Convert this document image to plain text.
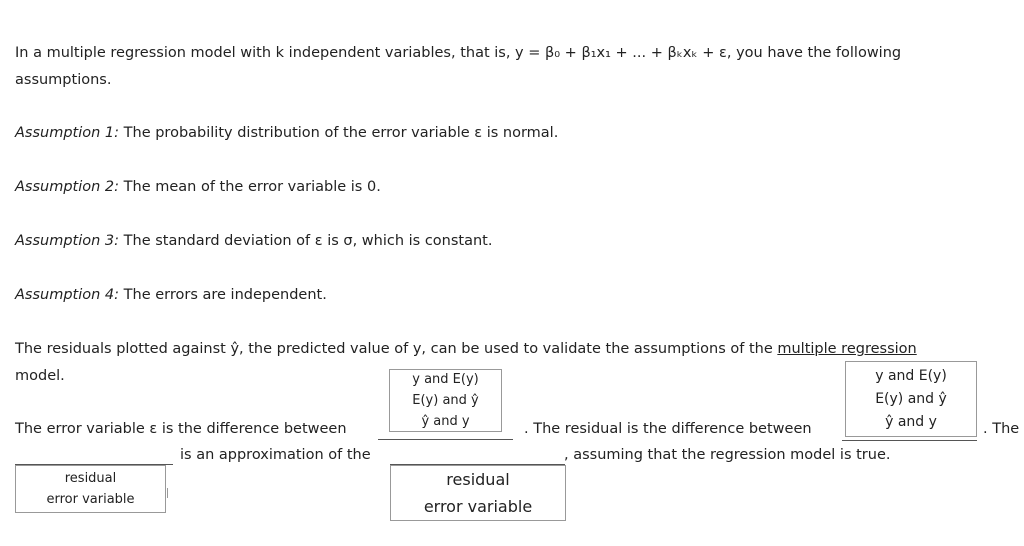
In a multiple regression model with k independent variables, that is, y = β₀ + β₁x₁ + ... + βₖxₖ + ε, you have the following
assumptions.
Assumption 1: The probability distribution of the error variable ε is normal.
Assumption 2: The mean of the error variable is 0.
Assumption 3: The standard deviation of ε is σ, which is constant.
Assumption 4: The errors are independent.
The residuals plotted against ŷ, the predicted value of y, can be used to validate the assumptions of the multiple regression
model.
The error variable ε is the difference between
y and E(y)
E(y) and ŷ
ŷ and y	. The residual is the difference between
y and E(y)
E(y) and ŷ
ŷ and y	. The
is an approximation of the	, assuming that the regression model is true.
residual
error variable
residual
error variable
